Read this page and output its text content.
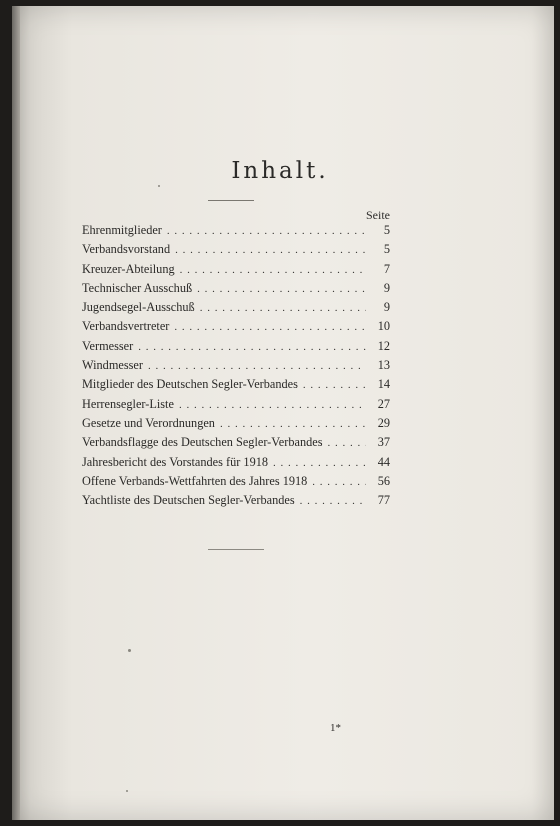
Inhalt.
Seite
Ehrenmitglieder . . .	5
Verbandsvorstand . . .	5
Kreuzer-Abteilung . . .	7
Technischer Ausschuß . . .	9
Jugendsegel-Ausschuß . . .	9
Verbandsvertreter . . .	10
Vermesser . . .	12
Windmesser . . .	13
Mitglieder des Deutschen Segler-Verbandes . . .	14
Herrensegler-Liste . . .	27
Gesetze und Verordnungen . . .	29
Verbandsflagge des Deutschen Segler-Verbandes . . .	37
Jahresbericht des Vorstandes für 1918 . . .	44
Offene Verbands-Wettfahrten des Jahres 1918 . . .	56
Yachtliste des Deutschen Segler-Verbandes . . .	77
1*
